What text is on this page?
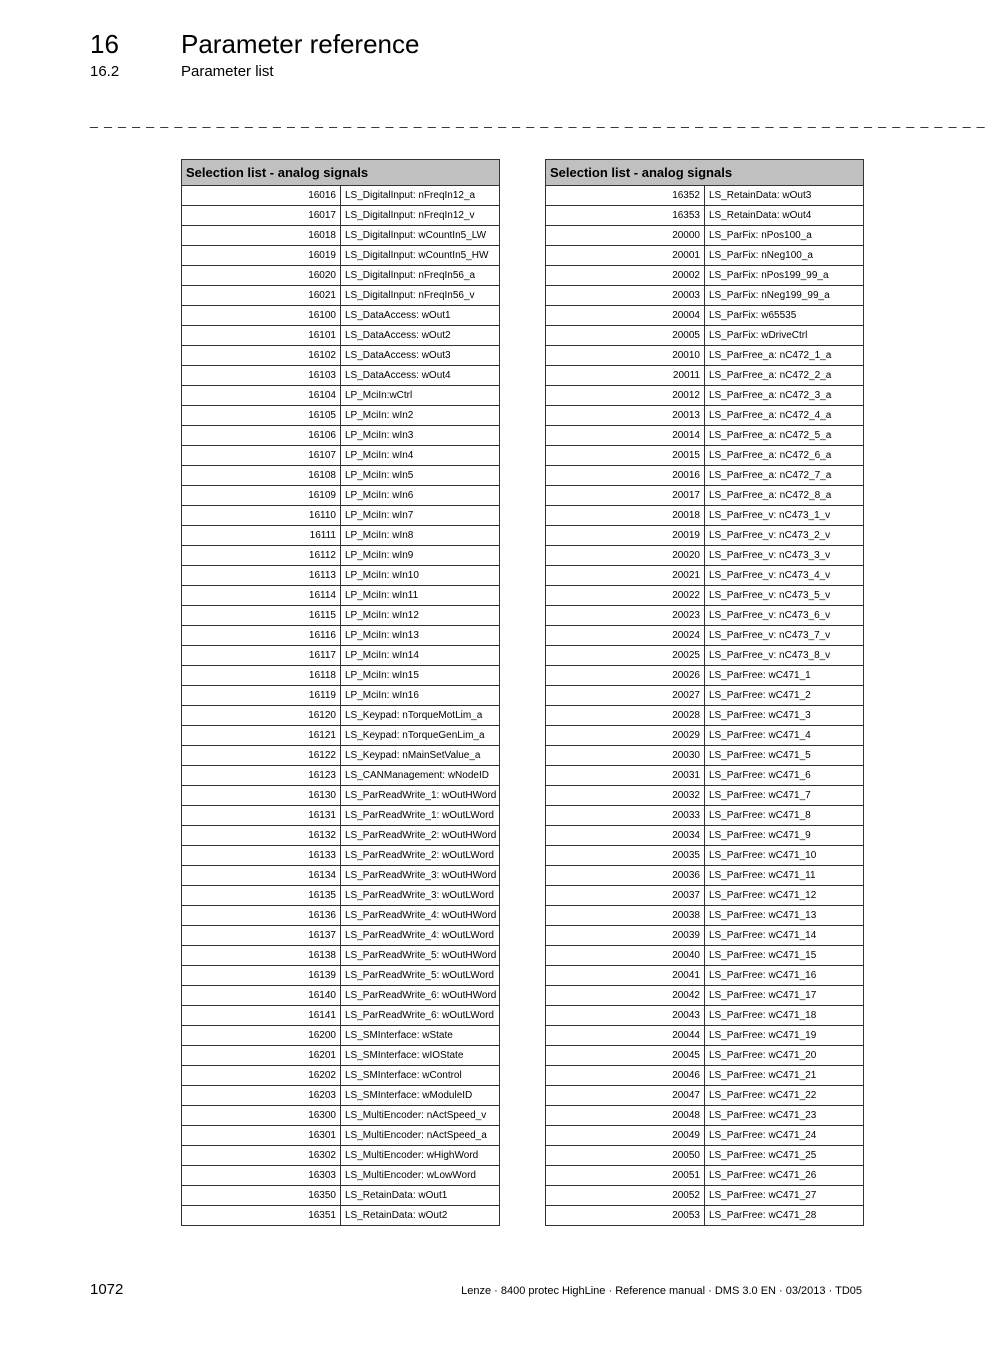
16 Parameter reference
16.2	Parameter list
_ _ _ _ _ _ _ _ _ _ _ _ _ _ _ _ _ _ _ _ _ _ _ _ _ _ _ _ _ _ _ _ _ _ _ _ _ _ _ _ _ _ _ _ _ _ _ _ _ _ _ _ _ _ _ _ _ _ _ _ _ _ _ _
Selection list - analog signals	
16016	LS_DigitalInput: nFreqIn12_a
16017	LS_DigitalInput: nFreqIn12_v
16018	LS_DigitalInput: wCountIn5_LW
16019	LS_DigitalInput: wCountIn5_HW
16020	LS_DigitalInput: nFreqIn56_a
16021	LS_DigitalInput: nFreqIn56_v
16100	LS_DataAccess: wOut1
16101	LS_DataAccess: wOut2
16102	LS_DataAccess: wOut3
16103	LS_DataAccess: wOut4
16104	LP_MciIn:wCtrl
16105	LP_MciIn: wIn2
16106	LP_MciIn: wIn3
16107	LP_MciIn: wIn4
16108	LP_MciIn: wIn5
16109	LP_MciIn: wIn6
16110	LP_MciIn: wIn7
16111	LP_MciIn: wIn8
16112	LP_MciIn: wIn9
16113	LP_MciIn: wIn10
16114	LP_MciIn: wIn11
16115	LP_MciIn: wIn12
16116	LP_MciIn: wIn13
16117	LP_MciIn: wIn14
16118	LP_MciIn: wIn15
16119	LP_MciIn: wIn16
16120	LS_Keypad: nTorqueMotLim_a
16121	LS_Keypad: nTorqueGenLim_a
16122	LS_Keypad: nMainSetValue_a
16123	LS_CANManagement: wNodeID
16130	LS_ParReadWrite_1: wOutHWord
16131	LS_ParReadWrite_1: wOutLWord
16132	LS_ParReadWrite_2: wOutHWord
16133	LS_ParReadWrite_2: wOutLWord
16134	LS_ParReadWrite_3: wOutHWord
16135	LS_ParReadWrite_3: wOutLWord
16136	LS_ParReadWrite_4: wOutHWord
16137	LS_ParReadWrite_4: wOutLWord
16138	LS_ParReadWrite_5: wOutHWord
16139	LS_ParReadWrite_5: wOutLWord
16140	LS_ParReadWrite_6: wOutHWord
16141	LS_ParReadWrite_6: wOutLWord
16200	LS_SMInterface: wState
16201	LS_SMInterface: wIOState
16202	LS_SMInterface: wControl
16203	LS_SMInterface: wModuleID
16300	LS_MultiEncoder: nActSpeed_v
16301	LS_MultiEncoder: nActSpeed_a
16302	LS_MultiEncoder: wHighWord
16303	LS_MultiEncoder: wLowWord
16350	LS_RetainData: wOut1
16351	LS_RetainData: wOut2
Selection list - analog signals	
16352	LS_RetainData: wOut3
16353	LS_RetainData: wOut4
20000	LS_ParFix: nPos100_a
20001	LS_ParFix: nNeg100_a
20002	LS_ParFix: nPos199_99_a
20003	LS_ParFix: nNeg199_99_a
20004	LS_ParFix: w65535
20005	LS_ParFix: wDriveCtrl
20010	LS_ParFree_a: nC472_1_a
20011	LS_ParFree_a: nC472_2_a
20012	LS_ParFree_a: nC472_3_a
20013	LS_ParFree_a: nC472_4_a
20014	LS_ParFree_a: nC472_5_a
20015	LS_ParFree_a: nC472_6_a
20016	LS_ParFree_a: nC472_7_a
20017	LS_ParFree_a: nC472_8_a
20018	LS_ParFree_v: nC473_1_v
20019	LS_ParFree_v: nC473_2_v
20020	LS_ParFree_v: nC473_3_v
20021	LS_ParFree_v: nC473_4_v
20022	LS_ParFree_v: nC473_5_v
20023	LS_ParFree_v: nC473_6_v
20024	LS_ParFree_v: nC473_7_v
20025	LS_ParFree_v: nC473_8_v
20026	LS_ParFree: wC471_1
20027	LS_ParFree: wC471_2
20028	LS_ParFree: wC471_3
20029	LS_ParFree: wC471_4
20030	LS_ParFree: wC471_5
20031	LS_ParFree: wC471_6
20032	LS_ParFree: wC471_7
20033	LS_ParFree: wC471_8
20034	LS_ParFree: wC471_9
20035	LS_ParFree: wC471_10
20036	LS_ParFree: wC471_11
20037	LS_ParFree: wC471_12
20038	LS_ParFree: wC471_13
20039	LS_ParFree: wC471_14
20040	LS_ParFree: wC471_15
20041	LS_ParFree: wC471_16
20042	LS_ParFree: wC471_17
20043	LS_ParFree: wC471_18
20044	LS_ParFree: wC471_19
20045	LS_ParFree: wC471_20
20046	LS_ParFree: wC471_21
20047	LS_ParFree: wC471_22
20048	LS_ParFree: wC471_23
20049	LS_ParFree: wC471_24
20050	LS_ParFree: wC471_25
20051	LS_ParFree: wC471_26
20052	LS_ParFree: wC471_27
20053	LS_ParFree: wC471_28
1072	Lenze · 8400 protec HighLine · Reference manual · DMS 3.0 EN · 03/2013 · TD05
